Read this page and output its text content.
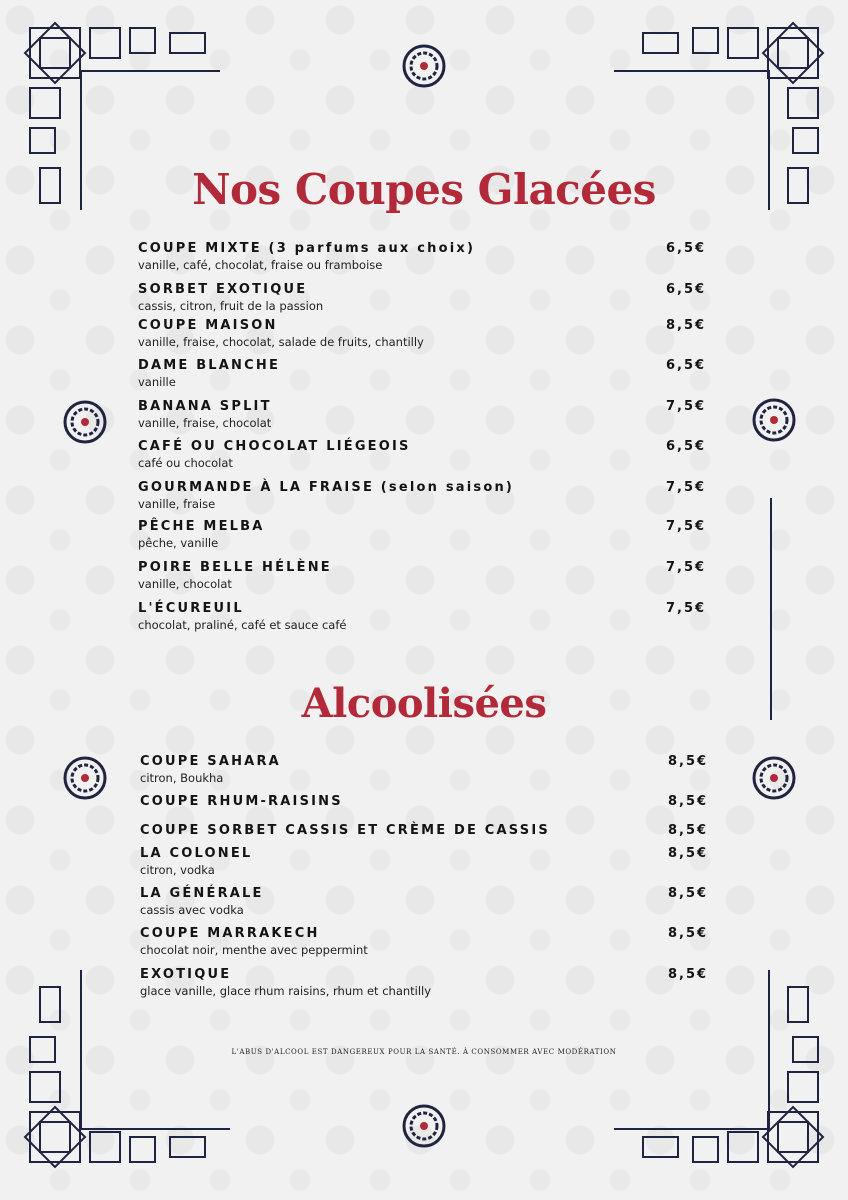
Nos Coupes Glacées
COUPE MIXTE (3 parfums aux choix)
vanille, café, chocolat, fraise ou framboise
6,5€
SORBET EXOTIQUE
cassis, citron, fruit de la passion
6,5€
COUPE MAISON
vanille, fraise, chocolat, salade de fruits, chantilly
8,5€
DAME BLANCHE
vanille
6,5€
BANANA SPLIT
vanille, fraise, chocolat
7,5€
CAFÉ OU CHOCOLAT LIÉGEOIS
café ou chocolat
6,5€
GOURMANDE À LA FRAISE (selon saison)
vanille, fraise
7,5€
PÊCHE MELBA
pêche, vanille
7,5€
POIRE BELLE HÉLÈNE
vanille, chocolat
7,5€
L'ÉCUREUIL
chocolat, praliné, café et sauce café
7,5€
Alcoolisées
COUPE SAHARA
citron, Boukha
8,5€
COUPE RHUM-RAISINS	8,5€
COUPE SORBET CASSIS ET CRÈME DE CASSIS	8,5€
LA COLONEL
citron, vodka
8,5€
LA GÉNÉRALE
cassis avec vodka
8,5€
COUPE MARRAKECH
chocolat noir, menthe avec peppermint
8,5€
EXOTIQUE
glace vanille, glace rhum raisins, rhum et chantilly
8,5€
L'ABUS D'ALCOOL EST DANGEREUX POUR LA SANTÉ. À CONSOMMER AVEC MODÉRATION
